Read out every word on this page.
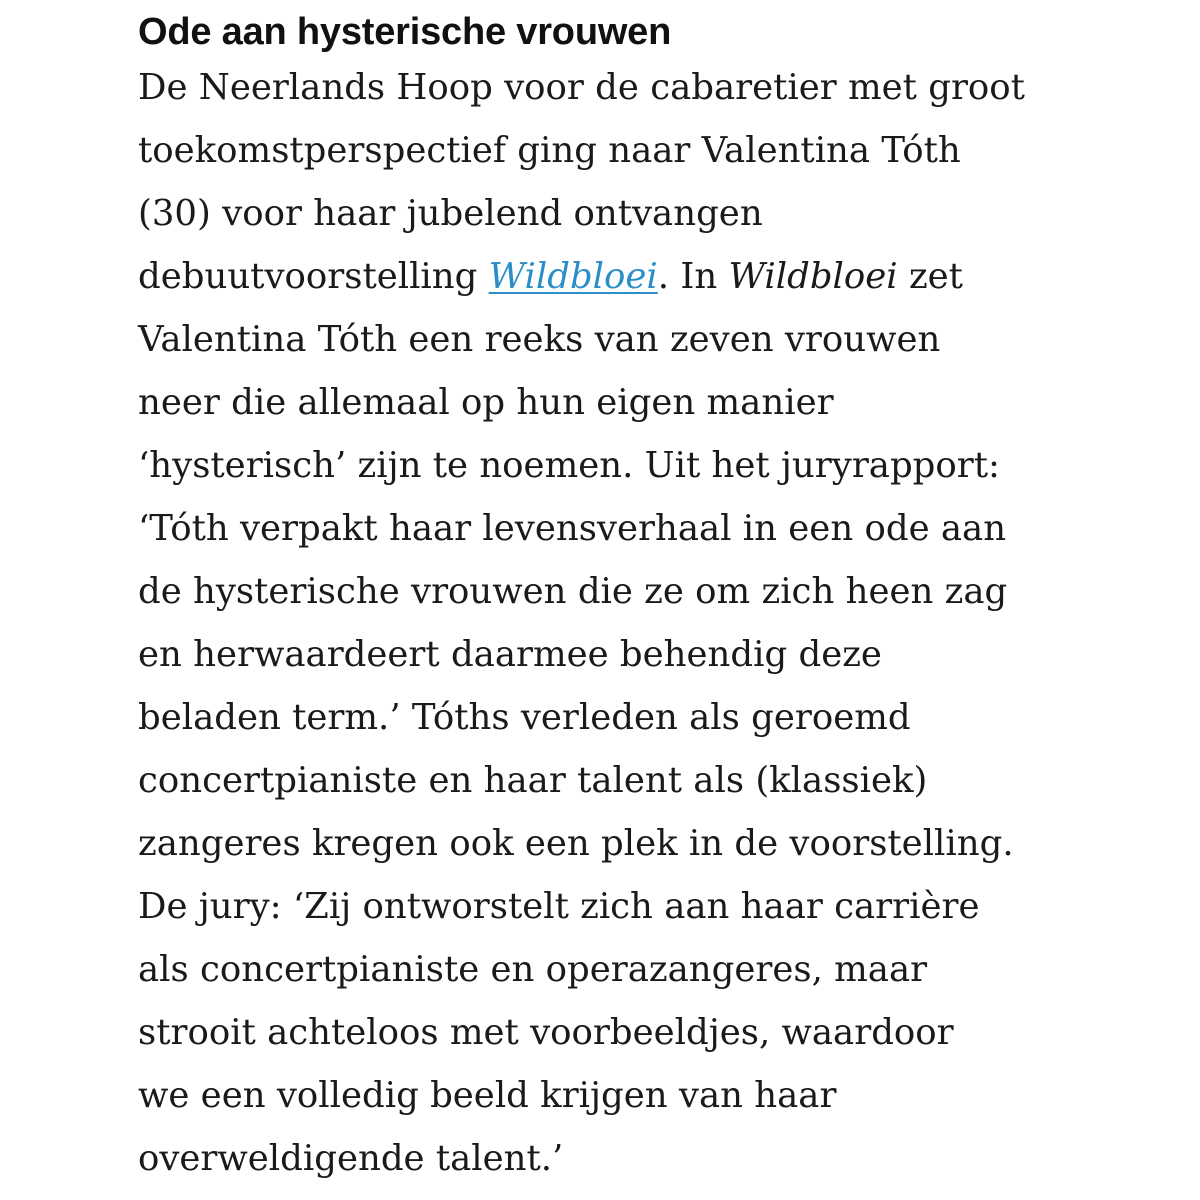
Ode aan hysterische vrouwen

De Neerlands Hoop voor de cabaretier met groot
toekomstperspectief ging naar Valentina Tóth
(30) voor haar jubelend ontvangen
debuutvoorstelling Wildbloei. In Wildbloei zet
Valentina Tóth een reeks van zeven vrouwen
neer die allemaal op hun eigen manier
‘hysterisch’ zijn te noemen. Uit het juryrapport:
‘Tóth verpakt haar levensverhaal in een ode aan
de hysterische vrouwen die ze om zich heen zag
en herwaardeert daarmee behendig deze
beladen term.’ Tóths verleden als geroemd
concertpianiste en haar talent als (klassiek)
zangeres kregen ook een plek in de voorstelling.
De jury: ‘Zij ontworstelt zich aan haar carrière
als concertpianiste en operazangeres, maar
strooit achteloos met voorbeeldjes, waardoor
we een volledig beeld krijgen van haar
overweldigende talent.’
